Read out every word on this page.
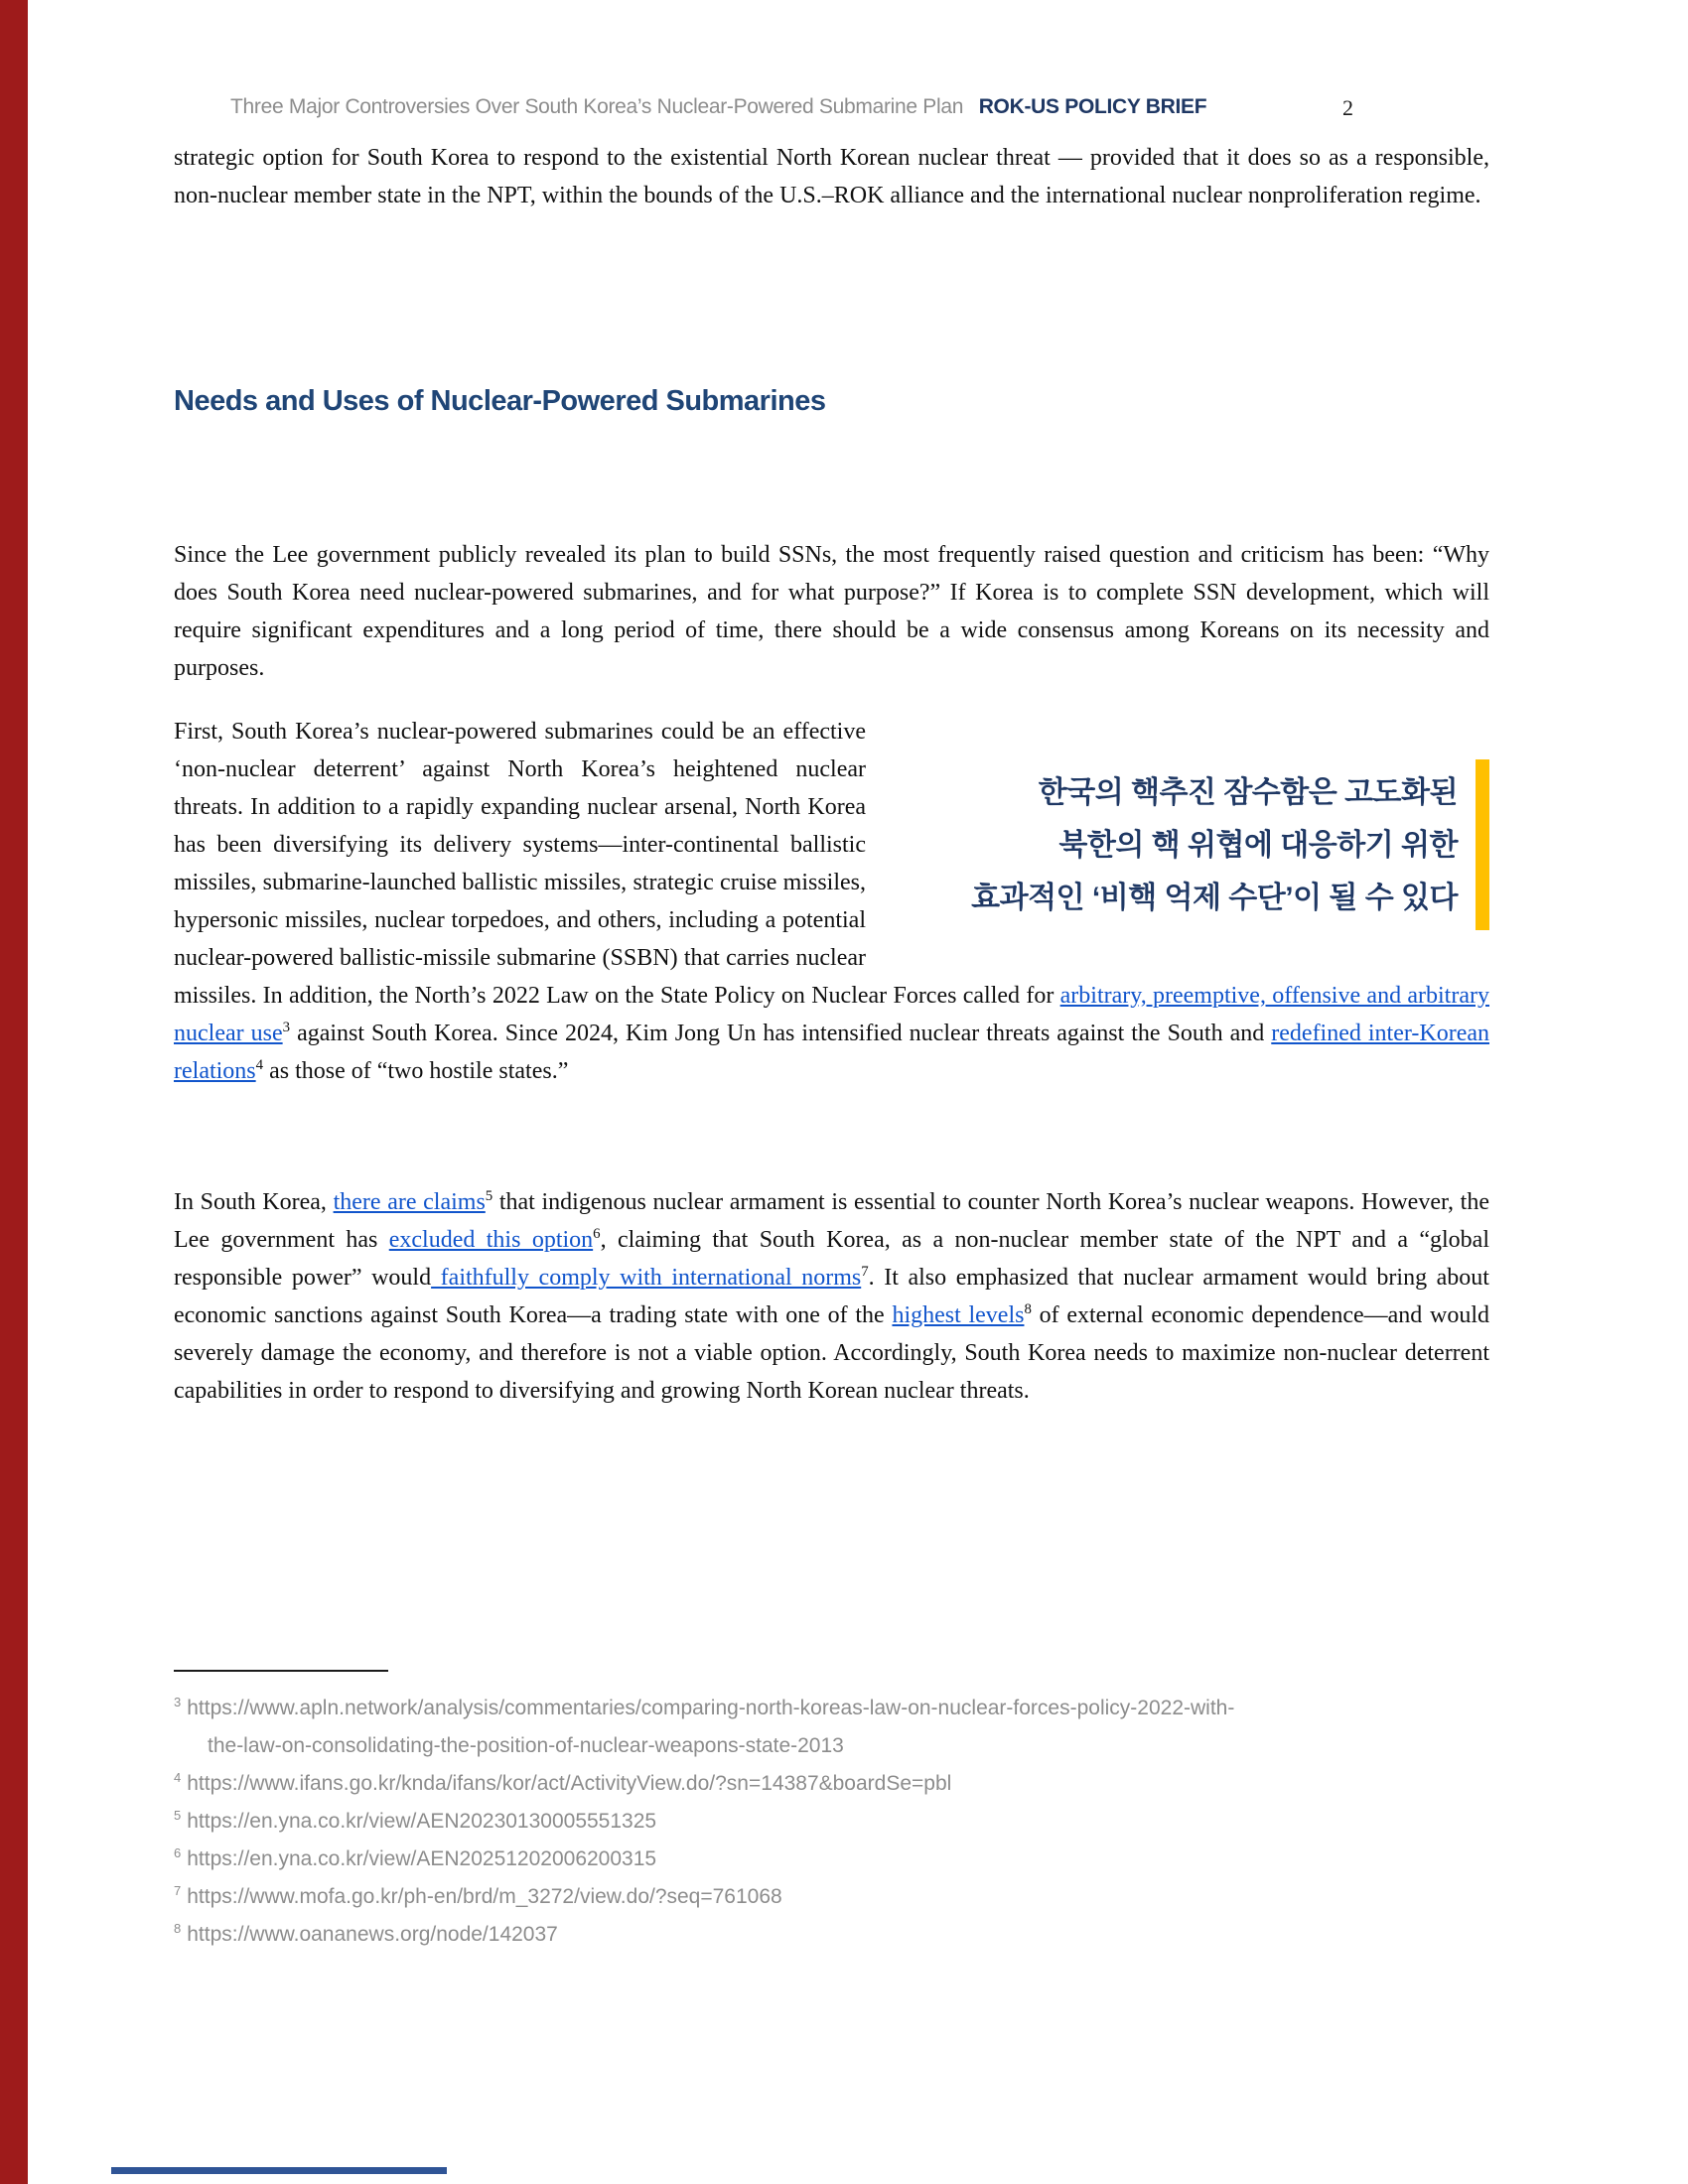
Three Major Controversies Over South Korea’s Nuclear-Powered Submarine Plan ROK-US POLICY BRIEF	2
strategic option for South Korea to respond to the existential North Korean nuclear threat — provided that it does so as a responsible, non-nuclear member state in the NPT, within the bounds of the U.S.–ROK alliance and the international nuclear nonproliferation regime.
Needs and Uses of Nuclear-Powered Submarines
Since the Lee government publicly revealed its plan to build SSNs, the most frequently raised question and criticism has been: “Why does South Korea need nuclear-powered submarines, and for what purpose?” If Korea is to complete SSN development, which will require significant expenditures and a long period of time, there should be a wide consensus among Koreans on its necessity and purposes.
한국의 핵추진 잠수함은 고도화된
북한의 핵 위협에 대응하기 위한
효과적인 ‘비핵 억제 수단’이 될 수 있다
First, South Korea’s nuclear-powered submarines could be an effective ‘non-nuclear deterrent’ against North Korea’s heightened nuclear threats. In addition to a rapidly expanding nuclear arsenal, North Korea has been diversifying its delivery systems—inter-continental ballistic missiles, submarine-launched ballistic missiles, strategic cruise missiles, hypersonic missiles, nuclear torpedoes, and others, including a potential nuclear-powered ballistic-missile submarine (SSBN) that carries nuclear missiles. In addition, the North’s 2022 Law on the State Policy on Nuclear Forces called for arbitrary, preemptive, offensive and arbitrary nuclear use$^3$ against South Korea. Since 2024, Kim Jong Un has intensified nuclear threats against the South and redefined inter-Korean relations$^4$ as those of “two hostile states.”
In South Korea, there are claims$^5$ that indigenous nuclear armament is essential to counter North Korea’s nuclear weapons. However, the Lee government has excluded this option$^6$, claiming that South Korea, as a non-nuclear member state of the NPT and a “global responsible power” would faithfully comply with international norms$^7$. It also emphasized that nuclear armament would bring about economic sanctions against South Korea—a trading state with one of the highest levels$^8$ of external economic dependence—and would severely damage the economy, and therefore is not a viable option. Accordingly, South Korea needs to maximize non-nuclear deterrent capabilities in order to respond to diversifying and growing North Korean nuclear threats.
$^3$ https://www.apln.network/analysis/commentaries/comparing-north-koreas-law-on-nuclear-forces-policy-2022-with-the-law-on-consolidating-the-position-of-nuclear-weapons-state-2013
$^4$ https://www.ifans.go.kr/knda/ifans/kor/act/ActivityView.do/?sn=14387&boardSe=pbl
$^5$ https://en.yna.co.kr/view/AEN20230130005551325
$^6$ https://en.yna.co.kr/view/AEN20251202006200315
$^7$ https://www.mofa.go.kr/ph-en/brd/m_3272/view.do/?seq=761068
$^8$ https://www.oananews.org/node/142037
